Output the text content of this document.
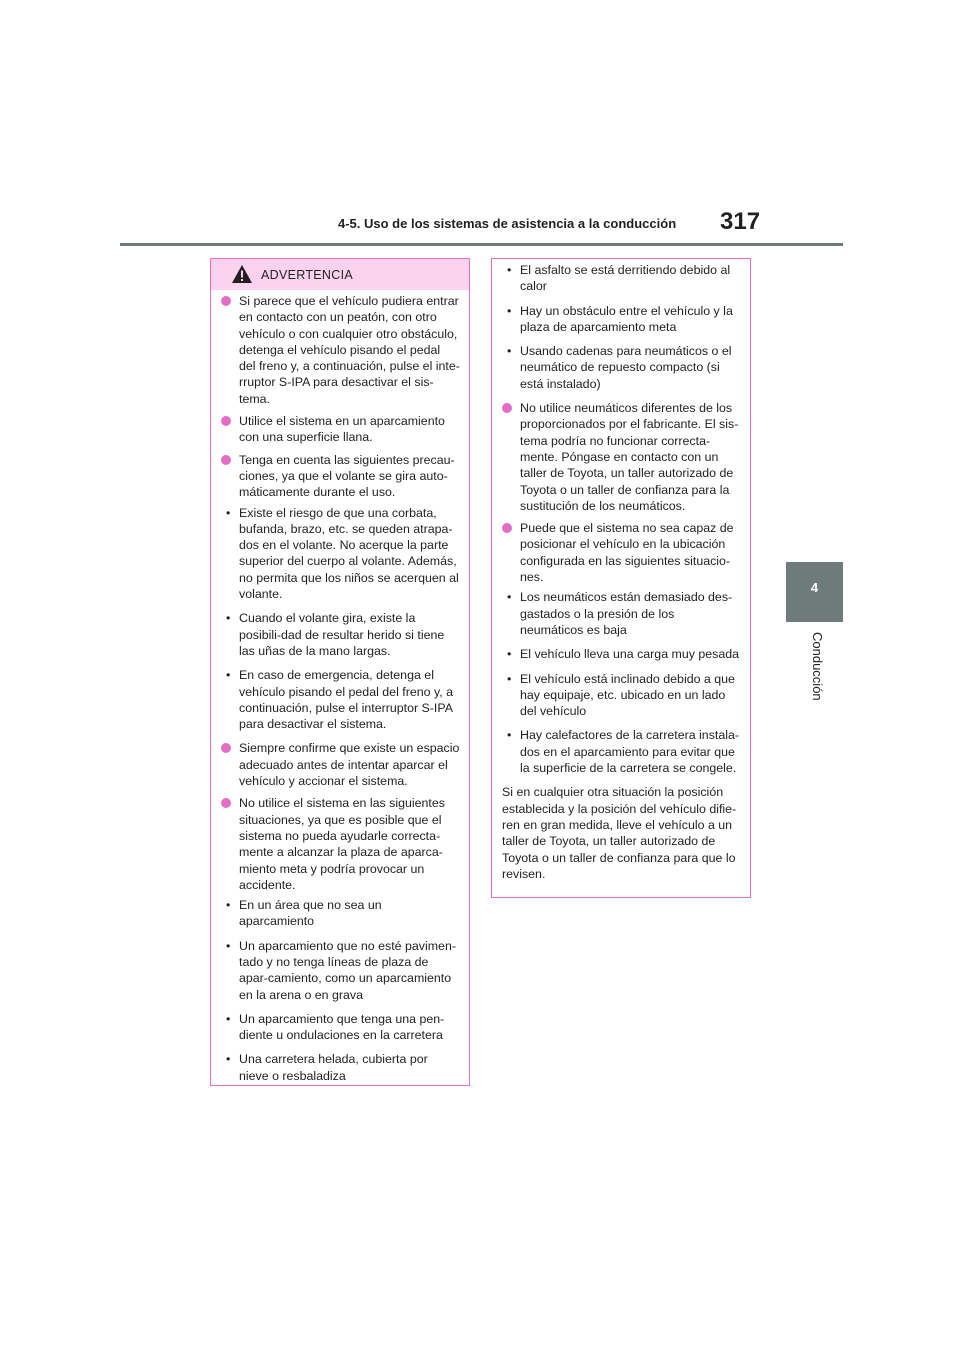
4-5. Uso de los sistemas de asistencia a la conducción	317
4
Conducción
ADVERTENCIA
Si parece que el vehículo pudiera entrar en contacto con un peatón, con otro vehículo o con cualquier otro obstáculo, detenga el vehículo pisando el pedal del freno y, a continuación, pulse el inte-rruptor S-IPA para desactivar el sis-tema.
Utilice el sistema en un aparcamiento con una superficie llana.
Tenga en cuenta las siguientes precau-ciones, ya que el volante se gira auto-máticamente durante el uso.
• Existe el riesgo de que una corbata, bufanda, brazo, etc. se queden atrapa-dos en el volante. No acerque la parte superior del cuerpo al volante. Además, no permita que los niños se acerquen al volante.
• Cuando el volante gira, existe la posibili-dad de resultar herido si tiene las uñas de la mano largas.
• En caso de emergencia, detenga el vehículo pisando el pedal del freno y, a continuación, pulse el interruptor S-IPA para desactivar el sistema.
Siempre confirme que existe un espacio adecuado antes de intentar aparcar el vehículo y accionar el sistema.
No utilice el sistema en las siguientes situaciones, ya que es posible que el sistema no pueda ayudarle correcta-mente a alcanzar la plaza de aparca-miento meta y podría provocar un accidente.
• En un área que no sea un aparcamiento
• Un aparcamiento que no esté pavimen-tado y no tenga líneas de plaza de apar-camiento, como un aparcamiento en la arena o en grava
• Un aparcamiento que tenga una pen-diente u ondulaciones en la carretera
• Una carretera helada, cubierta por nieve o resbaladiza
• El asfalto se está derritiendo debido al calor
• Hay un obstáculo entre el vehículo y la plaza de aparcamiento meta
• Usando cadenas para neumáticos o el neumático de repuesto compacto (si está instalado)
No utilice neumáticos diferentes de los proporcionados por el fabricante. El sis-tema podría no funcionar correcta-mente. Póngase en contacto con un taller de Toyota, un taller autorizado de Toyota o un taller de confianza para la sustitución de los neumáticos.
Puede que el sistema no sea capaz de posicionar el vehículo en la ubicación configurada en las siguientes situacio-nes.
• Los neumáticos están demasiado des-gastados o la presión de los neumáticos es baja
• El vehículo lleva una carga muy pesada
• El vehículo está inclinado debido a que hay equipaje, etc. ubicado en un lado del vehículo
• Hay calefactores de la carretera instala-dos en el aparcamiento para evitar que la superficie de la carretera se congele.
Si en cualquier otra situación la posición establecida y la posición del vehículo difie-ren en gran medida, lleve el vehículo a un taller de Toyota, un taller autorizado de Toyota o un taller de confianza para que lo revisen.
